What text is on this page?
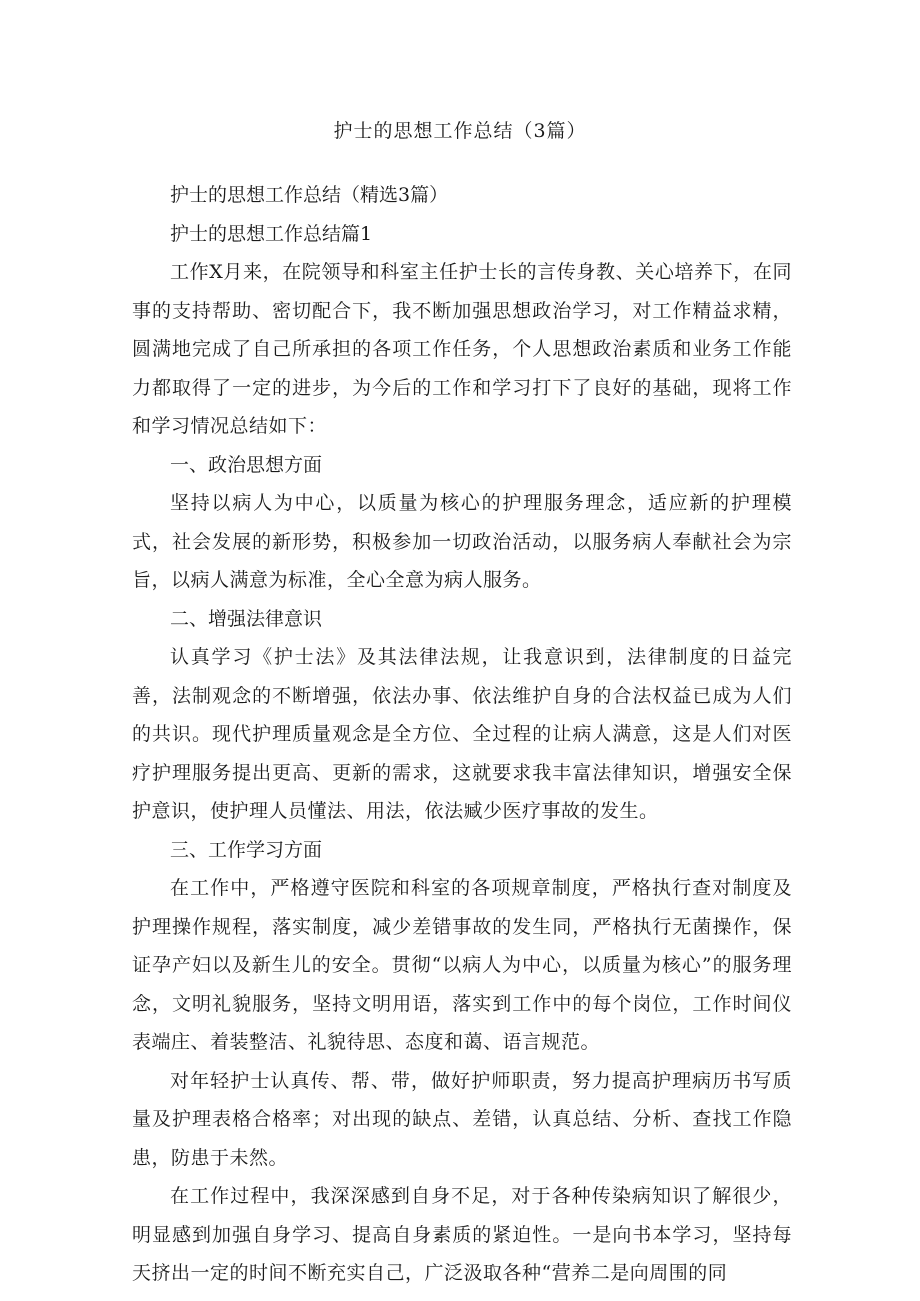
护士的思想工作总结（3篇）

护士的思想工作总结（精选3篇）

护士的思想工作总结篇1

工作X月来，在院领导和科室主任护士长的言传身教、关心培养下，在同事的支持帮助、密切配合下，我不断加强思想政治学习，对工作精益求精，圆满地完成了自己所承担的各项工作任务，个人思想政治素质和业务工作能力都取得了一定的进步，为今后的工作和学习打下了良好的基础，现将工作和学习情况总结如下：

一、政治思想方面

坚持以病人为中心，以质量为核心的护理服务理念，适应新的护理模式，社会发展的新形势，积极参加一切政治活动，以服务病人奉献社会为宗旨，以病人满意为标准，全心全意为病人服务。

二、增强法律意识

认真学习《护士法》及其法律法规，让我意识到，法律制度的日益完善，法制观念的不断增强，依法办事、依法维护自身的合法权益已成为人们的共识。现代护理质量观念是全方位、全过程的让病人满意，这是人们对医疗护理服务提出更高、更新的需求，这就要求我丰富法律知识，增强安全保护意识，使护理人员懂法、用法，依法臧少医疗事故的发生。

三、工作学习方面

在工作中，严格遵守医院和科室的各项规章制度，严格执行查对制度及护理操作规程，落实制度，减少差错事故的发生同，严格执行无菌操作，保证孕产妇以及新生儿的安全。贯彻“以病人为中心，以质量为核心”的服务理念，文明礼貌服务，坚持文明用语，落实到工作中的每个岗位，工作时间仪表端庄、着装整洁、礼貌待思、态度和蔼、语言规范。

对年轻护士认真传、帮、带，做好护师职责，努力提高护理病历书写质量及护理表格合格率；对出现的缺点、差错，认真总结、分析、查找工作隐患，防患于未然。

在工作过程中，我深深感到自身不足，对于各种传染病知识了解很少，明显感到加强自身学习、提高自身素质的紧迫性。一是向书本学习，坚持每天挤出一定的时间不断充实自己，广泛汲取各种“营养二是向周围的同
